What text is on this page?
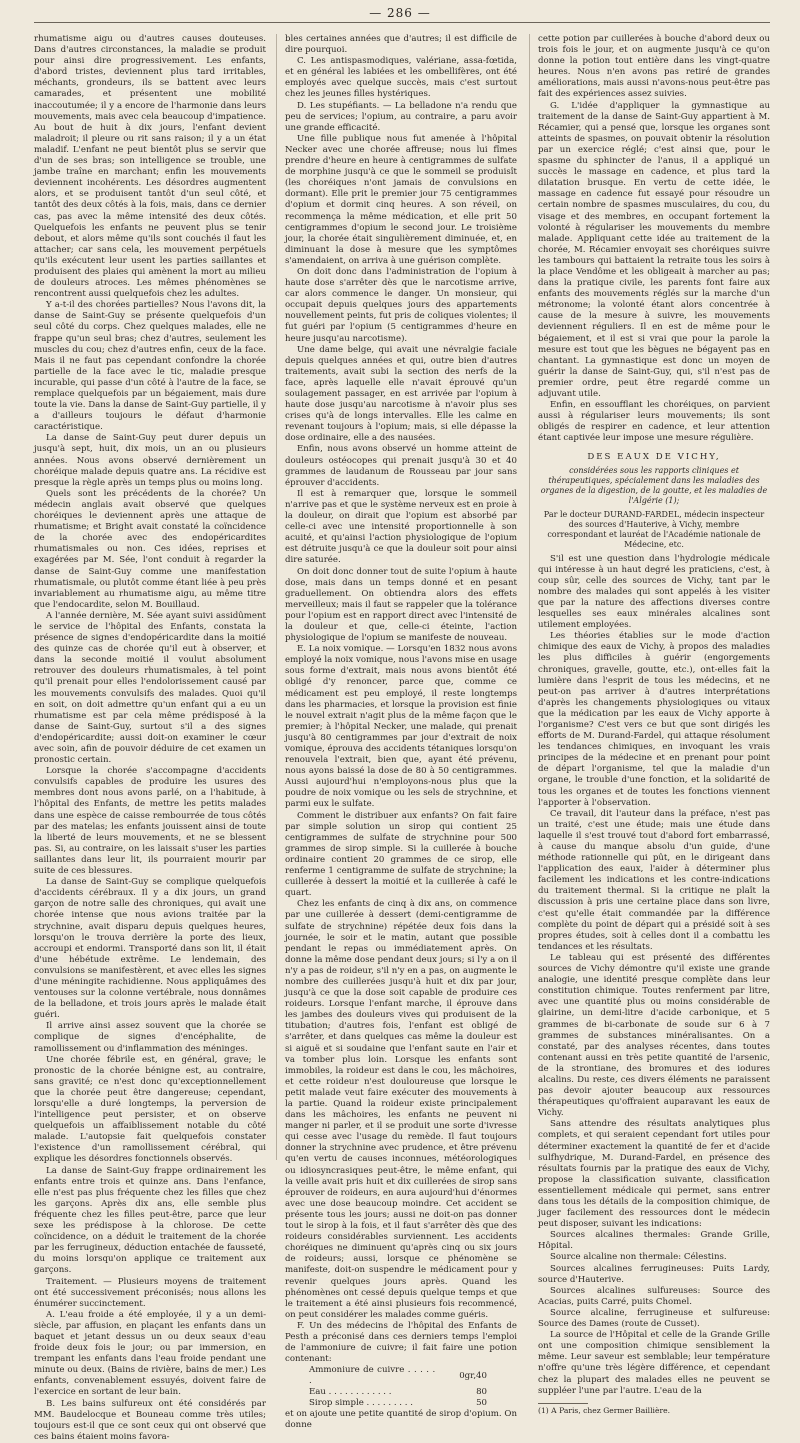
— 286 —

rhumatisme aigu ou d'autres causes douteuses. Dans d'autres circonstances, la maladie se produit pour ainsi dire progressivement. Les enfants, d'abord tristes, deviennent plus tard irritables, méchants, grondeurs, ils se battent avec leurs camarades, et présentent une mobilité inaccoutumée; il y a encore de l'harmonie dans leurs mouvements, mais avec cela beaucoup d'impatience. Au bout de huit à dix jours, l'enfant devient maladroit; il pleure ou rit sans raison; il y a un état maladif. L'enfant ne peut bientôt plus se servir que d'un de ses bras; son intelligence se trouble, une jambe traîne en marchant; enfin les mouvements deviennent incohérents. Les désordres augmentent alors, et se produisent tantôt d'un seul côté, et tantôt des deux côtés à la fois, mais, dans ce dernier cas, pas avec la même intensité des deux côtés. Quelquefois les enfants ne peuvent plus se tenir debout, et alors même qu'ils sont couchés il faut les attacher; car sans cela, les mouvement perpétuels qu'ils exécutent leur usent les parties saillantes et produisent des plaies qui amènent la mort au milieu de douleurs atroces. Les mêmes phénomènes se rencontrent aussi quelquefois chez les adultes.

Y a-t-il des chorées partielles? Nous l'avons dit, la danse de Saint-Guy se présente quelquefois d'un seul côté du corps. Chez quelques malades, elle ne frappe qu'un seul bras; chez d'autres, seulement les muscles du cou; chez d'autres enfin, ceux de la face. Mais il ne faut pas cependant confondre la chorée partielle de la face avec le tic, maladie presque incurable, qui passe d'un côté à l'autre de la face, se remplace quelquefois par un bégaiement, mais dure toute la vie. Dans la danse de Saint-Guy partielle, il y a d'ailleurs toujours le défaut d'harmonie caractéristique.

La danse de Saint-Guy peut durer depuis un jusqu'à sept, huit, dix mois, un an ou plusieurs années. Nous avons observé dernièrement un choréique malade depuis quatre ans. La récidive est presque la règle après un temps plus ou moins long.

Quels sont les précédents de la chorée? Un médecin anglais avait observé que quelques choréiques le deviennent après une attaque de rhumatisme; et Bright avait constaté la coïncidence de la chorée avec des endopéricardites rhumatismales ou non. Ces idées, reprises et exagérées par M. Sée, l'ont conduit à regarder la danse de Saint-Guy comme une manifestation rhumatismale, ou plutôt comme étant liée à peu près invariablement au rhumatisme aigu, au même titre que l'endocardite, selon M. Bouillaud.

A l'année dernière, M. Sée ayant suivi assidûment le service de l'hôpital des Enfants, constata la présence de signes d'endopéricardite dans la moitié des quinze cas de chorée qu'il eut à observer, et dans la seconde moitié il voulut absolument retrouver des douleurs rhumatismales, à tel point qu'il prenait pour elles l'endolorissement causé par les mouvements convulsifs des malades. Quoi qu'il en soit, on doit admettre qu'un enfant qui a eu un rhumatisme est par cela même prédisposé à la danse de Saint-Guy, surtout s'il a des signes d'endopéricardite; aussi doit-on examiner le cœur avec soin, afin de pouvoir déduire de cet examen un pronostic certain.

Lorsque la chorée s'accompagne d'accidents convulsifs capables de produire les usures des membres dont nous avons parlé, on a l'habitude, à l'hôpital des Enfants, de mettre les petits malades dans une espèce de caisse rembourrée de tous côtés par des matelas; les enfants jouissent ainsi de toute la liberté de leurs mouvements, et ne se blessent pas. Si, au contraire, on les laissait s'user les parties saillantes dans leur lit, ils pourraient mourir par suite de ces blessures.

La danse de Saint-Guy se complique quelquefois d'accidents cérébraux. Il y a dix jours, un grand garçon de notre salle des chroniques, qui avait une chorée intense que nous avions traitée par la strychnine, avait disparu depuis quelques heures, lorsqu'on le trouva derrière la porte des lieux, accroupi et endormi. Transporté dans son lit, il était d'une hébétude extrême. Le lendemain, des convulsions se manifestèrent, et avec elles les signes d'une méningite rachidienne. Nous appliquâmes des ventouses sur la colonne vertébrale, nous donnâmes de la belladone, et trois jours après le malade était guéri.

Il arrive ainsi assez souvent que la chorée se complique de signes d'encéphalite, de ramollissement ou d'inflammation des méninges.

Une chorée fébrile est, en général, grave; le pronostic de la chorée bénigne est, au contraire, sans gravité; ce n'est donc qu'exceptionnellement que la chorée peut être dangereuse; cependant, lorsqu'elle a duré longtemps, la perversion de l'intelligence peut persister, et on observe quelquefois un affaiblissement notable du côté malade. L'autopsie fait quelquefois constater l'existence d'un ramollissement cérébral, qui explique les désordres fonctionnels observés.

La danse de Saint-Guy frappe ordinairement les enfants entre trois et quinze ans. Dans l'enfance, elle n'est pas plus fréquente chez les filles que chez les garçons. Après dix ans, elle semble plus fréquente chez les filles peut-être, parce que leur sexe les prédispose à la chlorose. De cette coïncidence, on a déduit le traitement de la chorée par les ferrugineux, déduction entachée de fausseté, du moins lorsqu'on applique ce traitement aux garçons.

Traitement. — Plusieurs moyens de traitement ont été successivement préconisés; nous allons les énumérer succinctement.

A. L'eau froide a été employée, il y a un demi-siècle, par affusion, en plaçant les enfants dans un baquet et jetant dessus un ou deux seaux d'eau froide deux fois le jour; ou par immersion, en trempant les enfants dans l'eau froide pendant une minute ou deux. (Bains de rivière, bains de mer.) Les enfants, convenablement essuyés, doivent faire de l'exercice en sortant de leur bain.

B. Les bains sulfureux ont été considérés par MM. Baudelocque et Bouneau comme très utiles; toujours est-il que ce sont ceux qui ont observé que ces bains étaient moins favora-

bles certaines années que d'autres; il est difficile de dire pourquoi.

C. Les antispasmodiques, valériane, assa-fœtida, et en général les labiées et les ombellifères, ont été employés avec quelque succès, mais c'est surtout chez les jeunes filles hystériques.

D. Les stupéfiants. — La belladone n'a rendu que peu de services; l'opium, au contraire, a paru avoir une grande efficacité.

Une fille publique nous fut amenée à l'hôpital Necker avec une chorée affreuse; nous lui fîmes prendre d'heure en heure à centigrammes de sulfate de morphine jusqu'à ce que le sommeil se produisît (les choréiques n'ont jamais de convulsions en dormant). Elle prit le premier jour 75 centigrammes d'opium et dormit cinq heures. A son réveil, on recommença la même médication, et elle prit 50 centigrammes d'opium le second jour. Le troisième jour, la chorée était singulièrement diminuée, et, en diminuant la dose à mesure que les symptômes s'amendaient, on arriva à une guérison complète.

On doit donc dans l'administration de l'opium à haute dose s'arrêter dès que le narcotisme arrive, car alors commence le danger. Un monsieur, qui occupait depuis quelques jours des appartements nouvellement peints, fut pris de coliques violentes; il fut guéri par l'opium (5 centigrammes d'heure en heure jusqu'au narcotisme).

Une dame belge, qui avait une névralgie faciale depuis quelques années et qui, outre bien d'autres traitements, avait subi la section des nerfs de la face, après laquelle elle n'avait éprouvé qu'un soulagement passager, en est arrivée par l'opium à haute dose jusqu'au narcotisme à n'avoir plus ses crises qu'à de longs intervalles. Elle les calme en revenant toujours à l'opium; mais, si elle dépasse la dose ordinaire, elle a des nausées.

Enfin, nous avons observé un homme atteint de douleurs ostéocopes qui prenait jusqu'à 30 et 40 grammes de laudanum de Rousseau par jour sans éprouver d'accidents.

Il est à remarquer que, lorsque le sommeil n'arrive pas et que le système nerveux est en proie à la douleur, on dirait que l'opium est absorbé par celle-ci avec une intensité proportionnelle à son acuité, et qu'ainsi l'action physiologique de l'opium est détruite jusqu'à ce que la douleur soit pour ainsi dire saturée.

On doit donc donner tout de suite l'opium à haute dose, mais dans un temps donné et en pesant graduellement. On obtiendra alors des effets merveilleux; mais il faut se rappeler que la tolérance pour l'opium est en rapport direct avec l'intensité de la douleur et que, celle-ci éteinte, l'action physiologique de l'opium se manifeste de nouveau.

E. La noix vomique. — Lorsqu'en 1832 nous avons employé la noix vomique, nous l'avons mise en usage sous forme d'extrait, mais nous avons bientôt été obligé d'y renoncer, parce que, comme ce médicament est peu employé, il reste longtemps dans les pharmacies, et lorsque la provision est finie le nouvel extrait n'agit plus de la même façon que le premier; à l'hôpital Necker, une malade, qui prenait jusqu'à 80 centigrammes par jour d'extrait de noix vomique, éprouva des accidents tétaniques lorsqu'on renouvela l'extrait, bien que, ayant été prévenu, nous ayons baissé la dose de 80 à 50 centigrammes. Aussi aujourd'hui n'employons-nous plus que la poudre de noix vomique ou les sels de strychnine, et parmi eux le sulfate.

Comment le distribuer aux enfants? On fait faire par simple solution un sirop qui contient 25 centigrammes de sulfate de strychnine pour 500 grammes de sirop simple. Si la cuillerée à bouche ordinaire contient 20 grammes de ce sirop, elle renferme 1 centigramme de sulfate de strychnine; la cuillerée à dessert la moitié et la cuillerée à café le quart.

Chez les enfants de cinq à dix ans, on commence par une cuillerée à dessert (demi-centigramme de sulfate de strychnine) répétée deux fois dans la journée, le soir et le matin, autant que possible pendant le repas ou immédiatement après. On donne la même dose pendant deux jours; si l'y a on il n'y a pas de roideur, s'il n'y en a pas, on augmente le nombre des cuillerées jusqu'à huit et dix par jour, jusqu'à ce que la dose soit capable de produire ces roideurs. Lorsque l'enfant marche, il éprouve dans les jambes des douleurs vives qui produisent de la titubation; d'autres fois, l'enfant est obligé de s'arrêter, et dans quelques cas même la douleur est si aiguë et si soudaine que l'enfant saute en l'air et va tomber plus loin. Lorsque les enfants sont immobiles, la roideur est dans le cou, les mâchoires, et cette roideur n'est douloureuse que lorsque le petit malade veut faire exécuter des mouvements à la partie. Quand la roideur existe principalement dans les mâchoires, les enfants ne peuvent ni manger ni parler, et il se produit une sorte d'ivresse qui cesse avec l'usage du remède. Il faut toujours donner la strychnine avec prudence, et être prévenu qu'en vertu de causes inconnues, météorologiques ou idiosyncrasiques peut-être, le même enfant, qui la veille avait pris huit et dix cuillerées de sirop sans éprouver de roideurs, en aura aujourd'hui d'énormes avec une dose beaucoup moindre. Cet accident se présente tous les jours; aussi ne doit-on pas donner tout le sirop à la fois, et il faut s'arrêter dès que des roideurs considérables surviennent. Les accidents choréiques ne diminuent qu'après cinq ou six jours de roideurs; aussi, lorsque ce phénomène se manifeste, doit-on suspendre le médicament pour y revenir quelques jours après. Quand les phénomènes ont cessé depuis quelque temps et que le traitement a été ainsi plusieurs fois recommencé, on peut considérer les malades comme guéris.

F. Un des médecins de l'hôpital des Enfants de Pesth a préconisé dans ces derniers temps l'emploi de l'ammoniure de cuivre; il fait faire une potion contenant:

Ammoniure de cuivre . . . . . .	0gr,40
Eau . . . . . . . . . . . .	80
Sirop simple . . . . . . . . .	50

et on ajoute une petite quantité de sirop d'opium. On donne

cette potion par cuillerées à bouche d'abord deux ou trois fois le jour, et on augmente jusqu'à ce qu'on donne la potion tout entière dans les vingt-quatre heures. Nous n'en avons pas retiré de grandes améliorations, mais aussi n'avons-nous peut-être pas fait des expériences assez suivies.

G. L'idée d'appliquer la gymnastique au traitement de la danse de Saint-Guy appartient à M. Récamier, qui a pensé que, lorsque les organes sont atteints de spasmes, on pouvait obtenir la résolution par un exercice réglé; c'est ainsi que, pour le spasme du sphincter de l'anus, il a appliqué un succès le massage en cadence, et plus tard la dilatation brusque. En vertu de cette idée, le massage en cadence fut essayé pour résoudre un certain nombre de spasmes musculaires, du cou, du visage et des membres, en occupant fortement la volonté à régulariser les mouvements du membre malade. Appliquant cette idée au traitement de la chorée, M. Récamier envoyait ses choréiques suivre les tambours qui battaient la retraite tous les soirs à la place Vendôme et les obligeait à marcher au pas; dans la pratique civile, les parents font faire aux enfants des mouvements réglés sur la marche d'un métronome; la volonté étant alors concentrée à cause de la mesure à suivre, les mouvements deviennent réguliers. Il en est de même pour le bégaiement, et il est si vrai que pour la parole la mesure est tout que les bègues ne bégayent pas en chantant. La gymnastique est donc un moyen de guérir la danse de Saint-Guy, qui, s'il n'est pas de premier ordre, peut être regardé comme un adjuvant utile.

Enfin, en essoufflant les choréiques, on parvient aussi à régulariser leurs mouvements; ils sont obligés de respirer en cadence, et leur attention étant captivée leur impose une mesure régulière.

DES EAUX DE VICHY,
considérées sous les rapports cliniques et thérapeutiques, spécialement dans les maladies des organes de la digestion, de la goutte, et les maladies de l'Algérie (1);
Par le docteur DURAND-FARDEL, médecin inspecteur des sources d'Hauterive, à Vichy, membre correspondant et lauréat de l'Académie nationale de Médecine, etc.

S'il est une question dans l'hydrologie médicale qui intéresse à un haut degré les praticiens, c'est, à coup sûr, celle des sources de Vichy, tant par le nombre des malades qui sont appelés à les visiter que par la nature des affections diverses contre lesquelles ses eaux minérales alcalines sont utilement employées.

Les théories établies sur le mode d'action chimique des eaux de Vichy, à propos des maladies les plus difficiles à guérir (engorgements chroniques, gravelle, goutte, etc.), ont-elles fait la lumière dans l'esprit de tous les médecins, et ne peut-on pas arriver à d'autres interprétations d'après les changements physiologiques ou vitaux que la médication par les eaux de Vichy apporte à l'organisme? C'est vers ce but que sont dirigés les efforts de M. Durand-Fardel, qui attaque résolument les tendances chimiques, en invoquant les vrais principes de la médecine et en prenant pour point de départ l'organisme, tel que la maladie d'un organe, le trouble d'une fonction, et la solidarité de tous les organes et de toutes les fonctions viennent l'apporter à l'observation.

Ce travail, dit l'auteur dans la préface, n'est pas un traité, c'est une étude; mais une étude dans laquelle il s'est trouvé tout d'abord fort embarrassé, à cause du manque absolu d'un guide, d'une méthode rationnelle qui pût, en le dirigeant dans l'application des eaux, l'aider à déterminer plus facilement les indications et les contre-indications du traitement thermal. Si la critique ne plaît la discussion à pris une certaine place dans son livre, c'est qu'elle était commandée par la différence complète du point de départ qui a présidé soit à ses propres études, soit à celles dont il a combattu les tendances et les résultats.

Le tableau qui est présenté des différentes sources de Vichy démontre qu'il existe une grande analogie, une identité presque complète dans leur constitution chimique. Toutes renferment par litre, avec une quantité plus ou moins considérable de glairine, un demi-litre d'acide carbonique, et 5 grammes de bi-carbonate de soude sur 6 à 7 grammes de substances minéralisantes. On a constaté, par des analyses récentes, dans toutes contenant aussi en très petite quantité de l'arsenic, de la strontiane, des bromures et des iodures alcalins. Du reste, ces divers éléments ne paraissent pas devoir ajouter beaucoup aux ressources thérapeutiques qu'offraient auparavant les eaux de Vichy.

Sans attendre des résultats analytiques plus complets, et qui seraient cependant fort utiles pour déterminer exactement la quantité de fer et d'acide sulfhydrique, M. Durand-Fardel, en présence des résultats fournis par la pratique des eaux de Vichy, propose la classification suivante, classification essentiellement médicale qui permet, sans entrer dans tous les détails de la composition chimique, de juger facilement des ressources dont le médecin peut disposer, suivant les indications:

Sources alcalines thermales: Grande Grille, Hôpital.

Source alcaline non thermale: Célestins.

Sources alcalines ferrugineuses: Puits Lardy, source d'Hauterive.

Sources alcalines sulfureuses: Source des Acacias, puits Carré, puits Chomel.

Source alcaline, ferrugineuse et sulfureuse: Source des Dames (route de Cusset).

La source de l'Hôpital et celle de la Grande Grille ont une composition chimique sensiblement la même. Leur saveur est semblable; leur température n'offre qu'une très légère différence, et cependant chez la plupart des malades elles ne peuvent se suppléer l'une par l'autre. L'eau de la

(1) A Paris, chez Germer Baillière.
